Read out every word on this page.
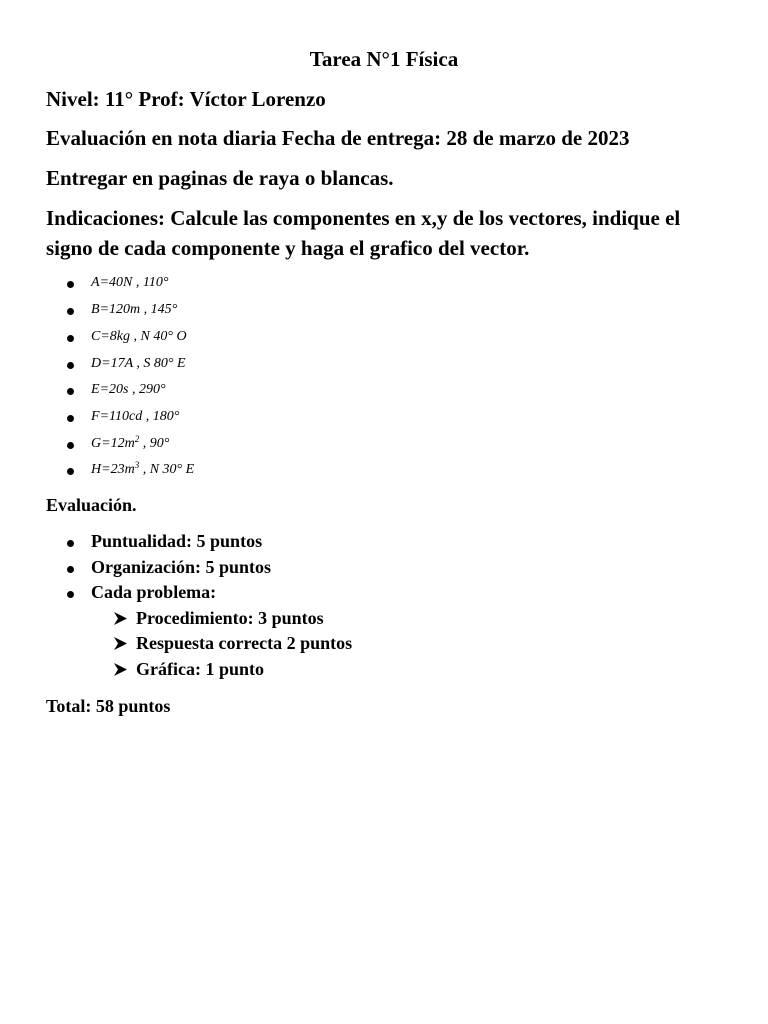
Tarea N°1 Física
Nivel: 11° Prof: Víctor Lorenzo
Evaluación en nota diaria Fecha de entrega: 28 de marzo de 2023
Entregar en paginas de raya o blancas.
Indicaciones: Calcule las componentes en x,y de los vectores, indique el signo de cada componente y haga el grafico del vector.
A=40N , 110°
B=120m , 145°
C=8kg , N 40° O
D=17A , S 80° E
E=20s , 290°
F=110cd , 180°
$G=12m^2$ , 90°
$H=23m^3$ , N 30° E
Evaluación.
Puntualidad: 5 puntos
Organización: 5 puntos
Cada problema:
Procedimiento: 3 puntos
Respuesta correcta 2 puntos
Gráfica: 1 punto
Total: 58 puntos
